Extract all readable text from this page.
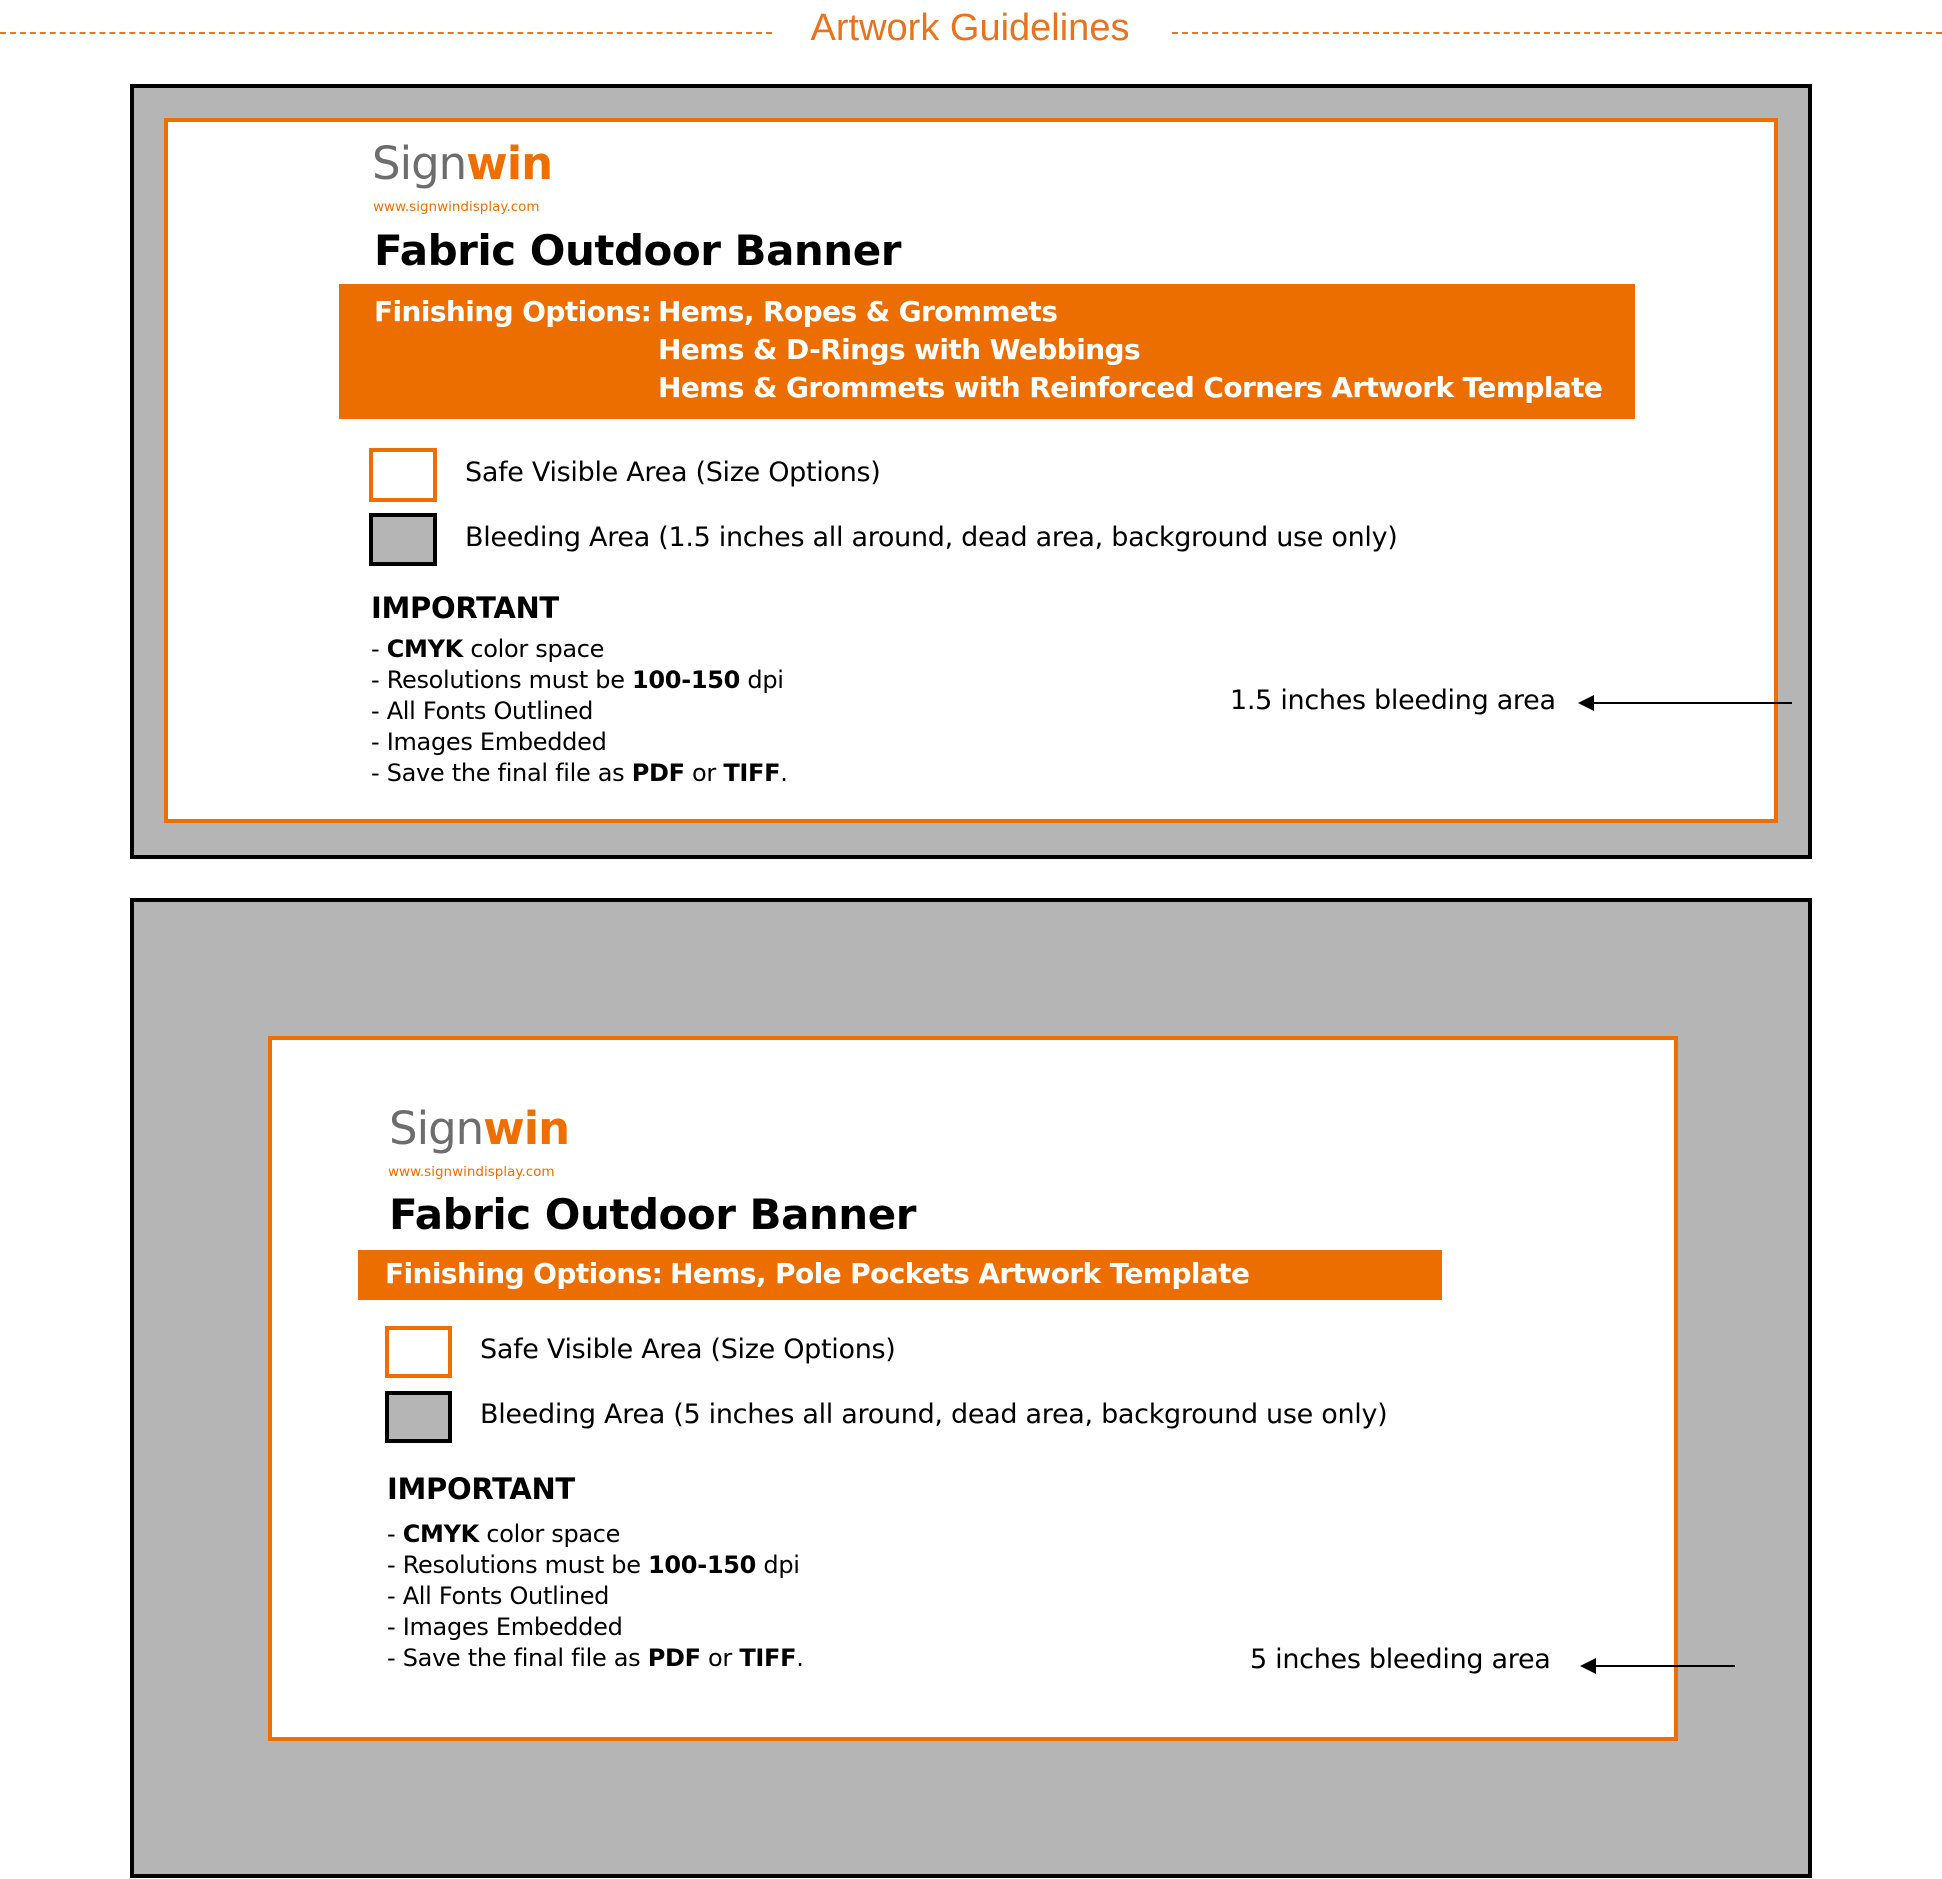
Artwork Guidelines
Signwin
www.signwindisplay.com
Fabric Outdoor Banner
Finishing Options: Hems, Ropes & Grommets
Hems & D-Rings with Webbings
Hems & Grommets with Reinforced Corners Artwork Template
Safe Visible Area (Size Options)
Bleeding Area (1.5 inches all around, dead area, background use only)
IMPORTANT
- CMYK color space
- Resolutions must be 100-150 dpi
- All Fonts Outlined
- Images Embedded
- Save the final file as PDF or TIFF.
1.5 inches bleeding area
Signwin
www.signwindisplay.com
Fabric Outdoor Banner
Finishing Options: Hems, Pole Pockets Artwork Template
Safe Visible Area (Size Options)
Bleeding Area (5 inches all around, dead area, background use only)
IMPORTANT
- CMYK color space
- Resolutions must be 100-150 dpi
- All Fonts Outlined
- Images Embedded
- Save the final file as PDF or TIFF.	5 inches bleeding area
